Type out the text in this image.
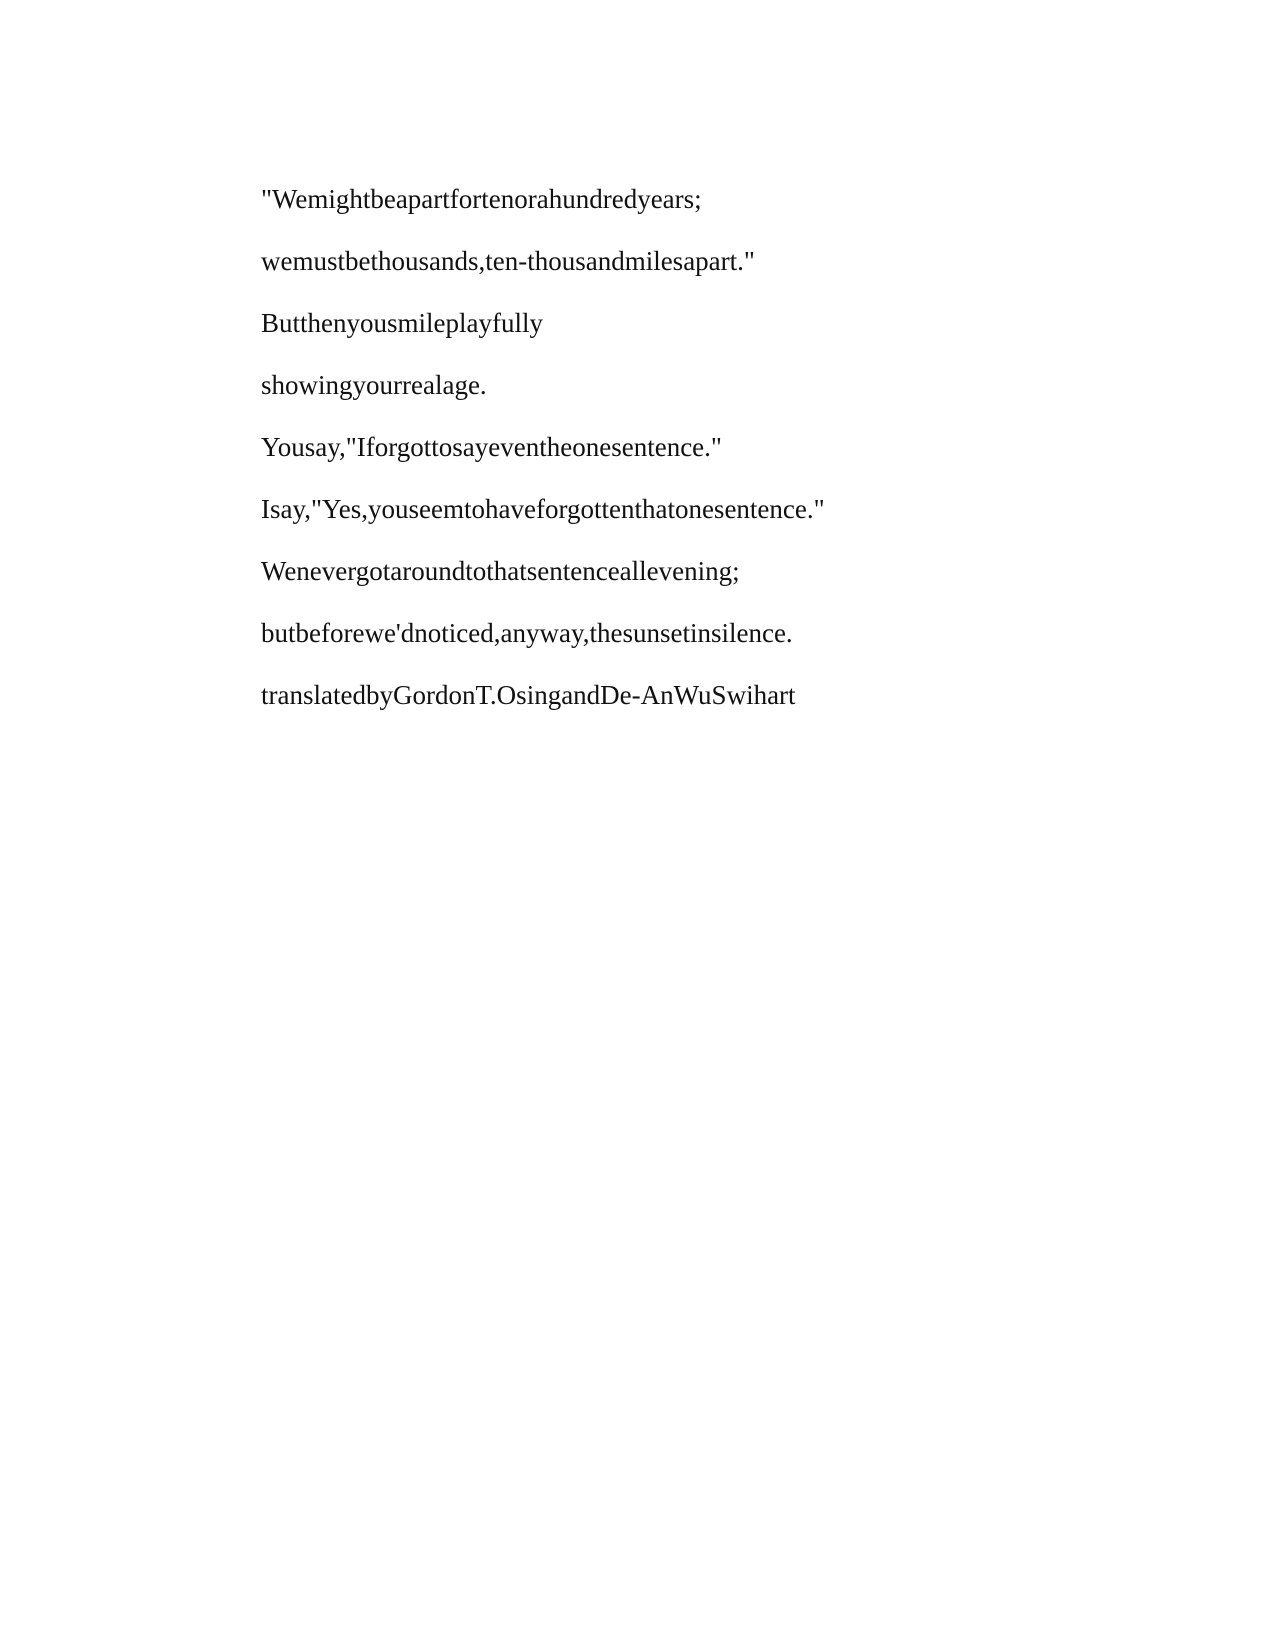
"Wemightbeapartfortenorahundredyears;
wemustbethousands,ten-thousandmilesapart."
Butthenyousmileplayfully
showingyourrealage.
Yousay,"Iforgottosayeventheonesentence."
Isay,"Yes,youseemtohaveforgottenthatonesentence."
Wenevergotaroundtothatsentenceallevening;
butbeforewe'dnoticed,anyway,thesunsetinsilence.
translatedbyGordonT.OsingandDe-AnWuSwihart
